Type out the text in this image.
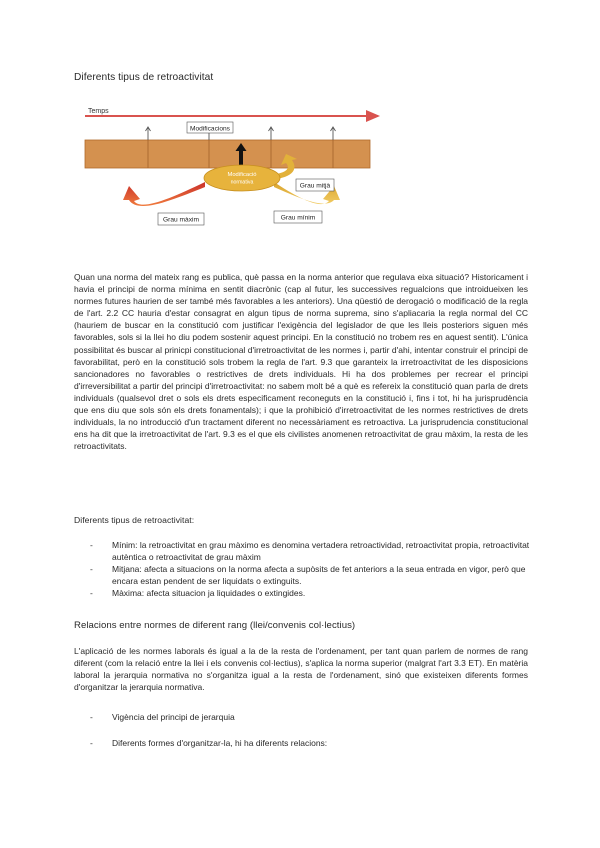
Diferents tipus de retroactivitat
Temps
Modificacions
Modificació
normativa	Grau mitjà
Grau màxim	Grau mínim
Quan una norma del mateix rang es publica, què passa en la norma anterior que regulava eixa situació? Historicament i havia el principi de norma mínima en sentit diacrònic (cap al futur, les successives regualcions que introidueixen les normes futures haurien de ser també més favorables a les anteriors). Una qüestió de derogació o modificació de la regla de l'art. 2.2 CC hauria d'estar consagrat en algun tipus de norma suprema, sino s'apliacaria la regla normal del CC (hauriem de buscar en la constitució com justificar l'exigència del legislador de que les lleis posteriors siguen més favorables, sols si la llei ho diu podem sostenir aquest principi. En la constitució no trobem res en aquest sentit). L'única possibilitat és buscar al prinicpi constitucional d'irretroactivitat de les normes i, partir d'ahi, intentar construir el principi de favorabilitat, però en la constitució sols trobem la regla de l'art. 9.3 que garanteix la irretroactivitat de les disposicions sancionadores no favorables o restrictives de drets individuals. Hi ha dos problemes per recrear el principi d'irreversibilitat a partir del principi d'irretroactivitat: no sabem molt bé a què es refereix la constitució quan parla de drets individuals (qualsevol dret o sols els drets especificament reconeguts en la constitució i, fins i tot, hi ha jurisprudència que ens diu que sols són els drets fonamentals); i que la prohibició d'irretroactivitat de les normes restrictives de drets individuals, la no introducció d'un tractament diferent no necessàriament es retroactiva. La jurisprudencia constitucional ens ha dit que la irretroactivitat de l'art. 9.3 es el que els civilistes anomenen retroactivitat de grau màxim, la resta de les retroactivitats.
Diferents tipus de retroactivitat:
- Mínim: la retroactivitat en grau màximo es denomina vertadera retroactividad, retroactivitat propia, retroactivitat autèntica o retroactivitat de grau màxim
- Mitjana: afecta a situacions on la norma afecta a supòsits de fet anteriors a la seua entrada en vigor, però que encara estan pendent de ser liquidats o extinguits.
- Màxima: afecta situacion ja liquidades o extingides.
Relacions entre normes de diferent rang (llei/convenis col·lectius)
L'aplicació de les normes laborals és igual a la de la resta de l'ordenament, per tant quan parlem de normes de rang diferent (com la relació entre la llei i els convenis col·lectius), s'aplica la norma superior (malgrat l'art 3.3 ET). En matèria laboral la jerarquia normativa no s'organitza igual a la resta de l'ordenament, sinó que existeixen diferents formes d'organitzar la jerarquia normativa.
- Vigència del principi de jerarquia
- Diferents formes d'organitzar-la, hi ha diferents relacions:
